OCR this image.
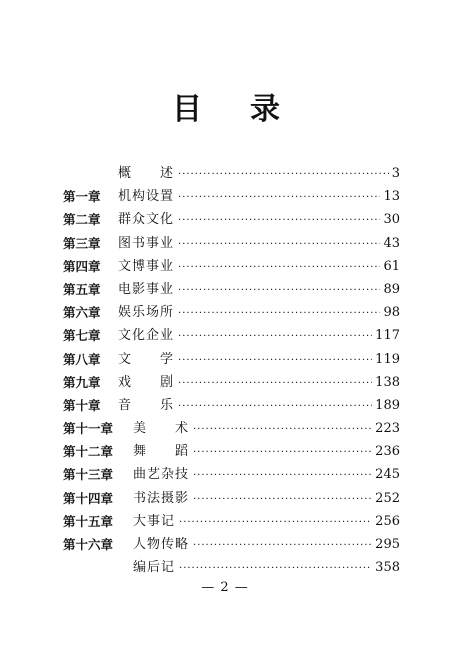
目 录
概　　述 ·····	3
第一章 机构设置 ·····	13
第二章 群众文化 ·····	30
第三章 图书事业 ·····	43
第四章 文博事业 ·····	61
第五章 电影事业 ·····	89
第六章 娱乐场所 ·····	98
第七章 文化企业 ·····	117
第八章 文　　学 ·····	119
第九章 戏　　剧 ·····	138
第十章 音　　乐 ·····	189
第十一章 美　　术 ·····	223
第十二章 舞　　蹈 ·····	236
第十三章 曲艺杂技 ·····	245
第十四章 书法摄影 ·····	252
第十五章 大事记 ·····	256
第十六章 人物传略 ·····	295
编后记 ·····	358
— 2 —
